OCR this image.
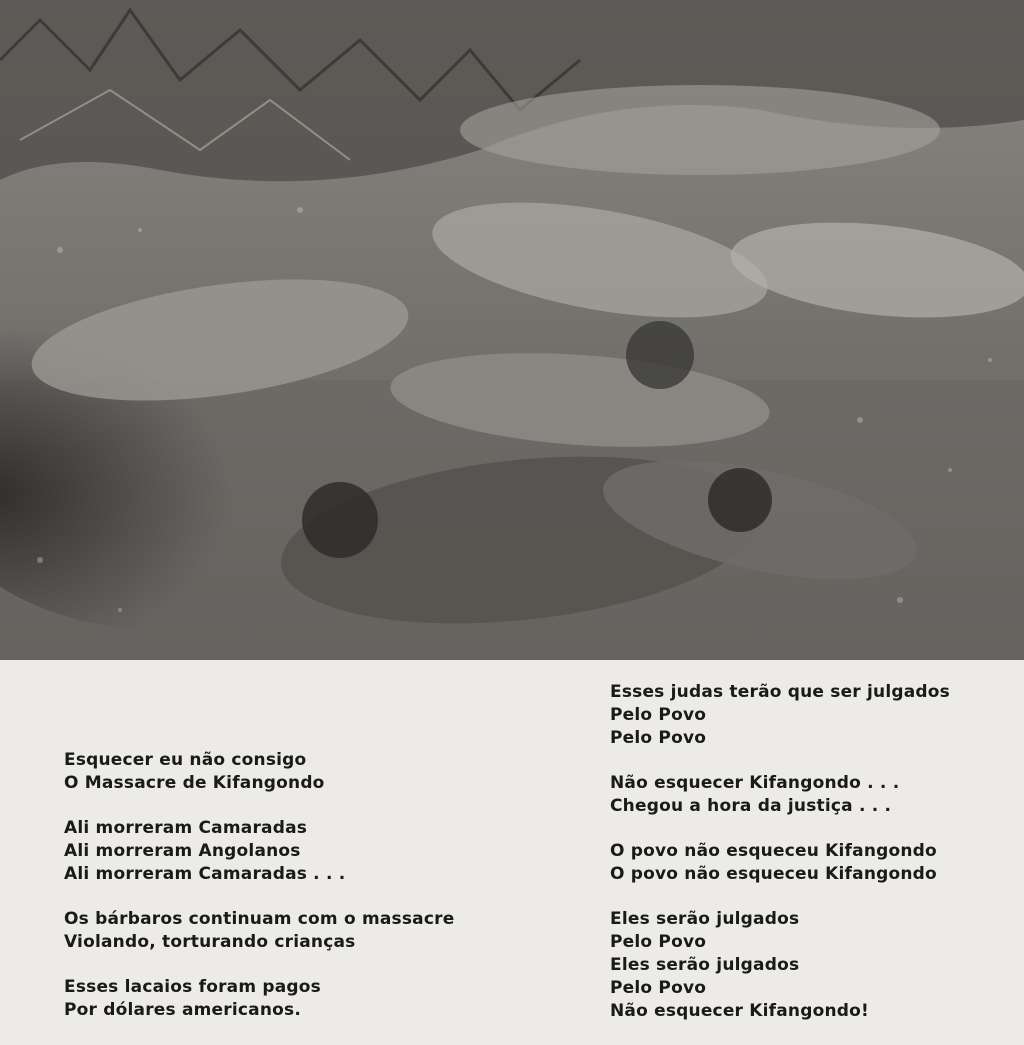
Esquecer eu não consigo
O Massacre de Kifangondo
Ali morreram Camaradas
Ali morreram Angolanos
Ali morreram Camaradas . . .
Os bárbaros continuam com o massacre
Violando, torturando crianças
Esses lacaios foram pagos
Por dólares americanos.
Esses judas terão que ser julgados
Pelo Povo
Pelo Povo
Não esquecer Kifangondo . . .
Chegou a hora da justiça . . .
O povo não esqueceu Kifangondo
O povo não esqueceu Kifangondo
Eles serão julgados
Pelo Povo
Eles serão julgados
Pelo Povo
Não esquecer Kifangondo!
